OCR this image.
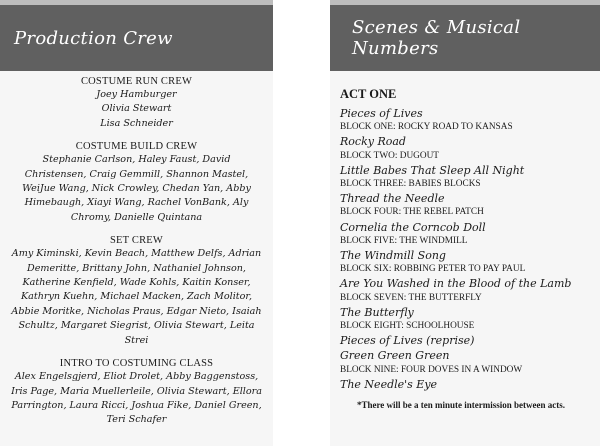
Production Crew
COSTUME RUN CREW
Joey Hamburger Olivia Stewart Lisa Schneider
COSTUME BUILD CREW
Stephanie Carlson, Haley Faust, David Christensen, Craig Gemmill, Shannon Mastel, WeiJue Wang, Nick Crowley, Chedan Yan, Abby Himebaugh, Xiayi Wang, Rachel VonBank, Aly Chromy, Danielle Quintana
SET CREW
Amy Kiminski, Kevin Beach, Matthew Delfs, Adrian Demeritte, Brittany John, Nathaniel Johnson, Katherine Kenfield, Wade Kohls, Kaitin Konser, Kathryn Kuehn, Michael Macken, Zach Molitor, Abbie Moritke, Nicholas Praus, Edgar Nieto, Isaiah Schultz, Margaret Siegrist, Olivia Stewart, Leita Strei
INTRO TO COSTUMING CLASS
Alex Engelsgjerd, Eliot Drolet, Abby Baggenstoss, Iris Page, Maria Muellerleile, Olivia Stewart, Ellora Parrington, Laura Ricci, Joshua Fike, Daniel Green, Teri Schafer
Scenes & Musical Numbers
ACT ONE
Pieces of Lives
BLOCK ONE: ROCKY ROAD TO KANSAS
Rocky Road
BLOCK TWO: DUGOUT
Little Babes That Sleep All Night
BLOCK THREE: BABIES BLOCKS
Thread the Needle
BLOCK FOUR: THE REBEL PATCH
Cornelia the Corncob Doll
BLOCK FIVE: THE WINDMILL
The Windmill Song
BLOCK SIX: ROBBING PETER TO PAY PAUL
Are You Washed in the Blood of the Lamb
BLOCK SEVEN: THE BUTTERFLY
The Butterfly
BLOCK EIGHT: SCHOOLHOUSE
Pieces of Lives (reprise)
Green Green Green
BLOCK NINE: FOUR DOVES IN A WINDOW
The Needle's Eye
*There will be a ten minute intermission between acts.
